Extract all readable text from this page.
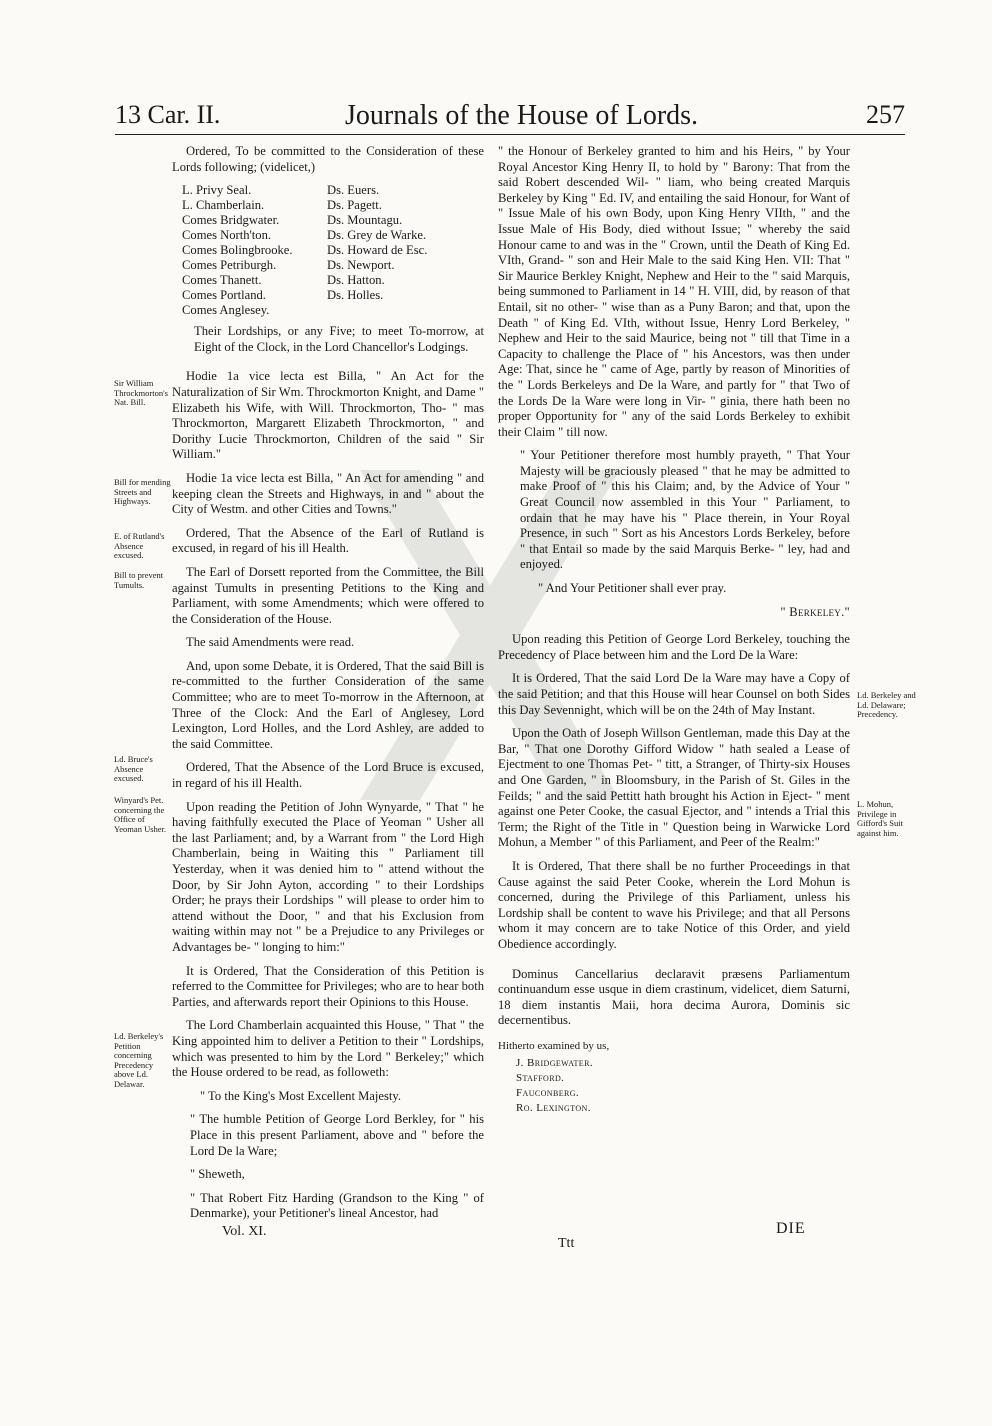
13 Car. II.	Journals of the House of Lords.	257
Sir William Throckmorton's Nat. Bill.
Bill for mending Streets and Highways.
E. of Rutland's Absence excused.
Bill to prevent Tumults.
Ld. Bruce's Absence excused.
Winyard's Pet. concerning the Office of Yeoman Usher.
Ld. Berkeley's Petition concerning Precedency above Ld. Delawar.
Ld. Berkeley and Ld. Delaware; Precedency.
L. Mohun, Privilege in Gifford's Suit against him.

Ordered, To be committed to the Consideration of these Lords following; (videlicet,)

L. Privy Seal.
L. Chamberlain.
Comes Bridgwater.
Comes North'ton.
Comes Bolingbrooke.
Comes Petriburgh.
Comes Thanett.
Comes Portland.
Comes Anglesey.
Ds. Euers.
Ds. Pagett.
Ds. Mountagu.
Ds. Grey de Warke.
Ds. Howard de Esc.
Ds. Newport.
Ds. Hatton.
Ds. Holles.

Their Lordships, or any Five; to meet To-morrow, at Eight of the Clock, in the Lord Chancellor's Lodgings.

Hodie 1a vice lecta est Billa, " An Act for the Naturalization of Sir Wm. Throckmorton Knight, and Dame " Elizabeth his Wife, with Will. Throckmorton, Tho- " mas Throckmorton, Margarett Elizabeth Throckmorton, " and Dorithy Lucie Throckmorton, Children of the said " Sir William."

Hodie 1a vice lecta est Billa, " An Act for amending " and keeping clean the Streets and Highways, in and " about the City of Westm. and other Cities and Towns."

Ordered, That the Absence of the Earl of Rutland is excused, in regard of his ill Health.

The Earl of Dorsett reported from the Committee, the Bill against Tumults in presenting Petitions to the King and Parliament, with some Amendments; which were offered to the Consideration of the House.

The said Amendments were read.

And, upon some Debate, it is Ordered, That the said Bill is re-committed to the further Consideration of the same Committee; who are to meet To-morrow in the Afternoon, at Three of the Clock: And the Earl of Anglesey, Lord Lexington, Lord Holles, and the Lord Ashley, are added to the said Committee.

Ordered, That the Absence of the Lord Bruce is excused, in regard of his ill Health.

Upon reading the Petition of John Wynyarde, " That " he having faithfully executed the Place of Yeoman " Usher all the last Parliament; and, by a Warrant from " the Lord High Chamberlain, being in Waiting this " Parliament till Yesterday, when it was denied him to " attend without the Door, by Sir John Ayton, according " to their Lordships Order; he prays their Lordships " will please to order him to attend without the Door, " and that his Exclusion from waiting within may not " be a Prejudice to any Privileges or Advantages be- " longing to him:"

It is Ordered, That the Consideration of this Petition is referred to the Committee for Privileges; who are to hear both Parties, and afterwards report their Opinions to this House.

The Lord Chamberlain acquainted this House, " That " the King appointed him to deliver a Petition to their " Lordships, which was presented to him by the Lord " Berkeley;" which the House ordered to be read, as followeth:

" To the King's Most Excellent Majesty.

" The humble Petition of George Lord Berkley, for " his Place in this present Parliament, above and " before the Lord De la Ware;

" Sheweth,

" That Robert Fitz Harding (Grandson to the King " of Denmarke), your Petitioner's lineal Ancestor, had

" the Honour of Berkeley granted to him and his Heirs, " by Your Royal Ancestor King Henry II, to hold by " Barony: That from the said Robert descended Wil- " liam, who being created Marquis Berkeley by King " Ed. IV, and entailing the said Honour, for Want of " Issue Male of his own Body, upon King Henry VIIth, " and the Issue Male of His Body, died without Issue; " whereby the said Honour came to and was in the " Crown, until the Death of King Ed. VIth, Grand- " son and Heir Male to the said King Hen. VII: That " Sir Maurice Berkley Knight, Nephew and Heir to the " said Marquis, being summoned to Parliament in 14 " H. VIII, did, by reason of that Entail, sit no other- " wise than as a Puny Baron; and that, upon the Death " of King Ed. VIth, without Issue, Henry Lord Berkeley, " Nephew and Heir to the said Maurice, being not " till that Time in a Capacity to challenge the Place of " his Ancestors, was then under Age: That, since he " came of Age, partly by reason of Minorities of the " Lords Berkeleys and De la Ware, and partly for " that Two of the Lords De la Ware were long in Vir- " ginia, there hath been no proper Opportunity for " any of the said Lords Berkeley to exhibit their Claim " till now.

" Your Petitioner therefore most humbly prayeth, " That Your Majesty will be graciously pleased " that he may be admitted to make Proof of " this his Claim; and, by the Advice of Your " Great Council now assembled in this Your " Parliament, to ordain that he may have his " Place therein, in Your Royal Presence, in such " Sort as his Ancestors Lords Berkeley, before " that Entail so made by the said Marquis Berke- " ley, had and enjoyed.

" And Your Petitioner shall ever pray.

" Berkeley."

Upon reading this Petition of George Lord Berkeley, touching the Precedency of Place between him and the Lord De la Ware:

It is Ordered, That the said Lord De la Ware may have a Copy of the said Petition; and that this House will hear Counsel on both Sides this Day Sevennight, which will be on the 24th of May Instant.

Upon the Oath of Joseph Willson Gentleman, made this Day at the Bar, " That one Dorothy Gifford Widow " hath sealed a Lease of Ejectment to one Thomas Pet- " titt, a Stranger, of Thirty-six Houses and One Garden, " in Bloomsbury, in the Parish of St. Giles in the Feilds; " and the said Pettitt hath brought his Action in Eject- " ment against one Peter Cooke, the casual Ejector, and " intends a Trial this Term; the Right of the Title in " Question being in Warwicke Lord Mohun, a Member " of this Parliament, and Peer of the Realm:"

It is Ordered, That there shall be no further Proceedings in that Cause against the said Peter Cooke, wherein the Lord Mohun is concerned, during the Privilege of this Parliament, unless his Lordship shall be content to wave his Privilege; and that all Persons whom it may concern are to take Notice of this Order, and yield Obedience accordingly.

Dominus Cancellarius declaravit præsens Parliamentum continuandum esse usque in diem crastinum, videlicet, diem Saturni, 18 diem instantis Maii, hora decima Aurora, Dominis sic decernentibus.

Hitherto examined by us,
J. Bridgewater.
Stafford.
Fauconberg.
Ro. Lexington.
Vol. XI.
Ttt
DIE
